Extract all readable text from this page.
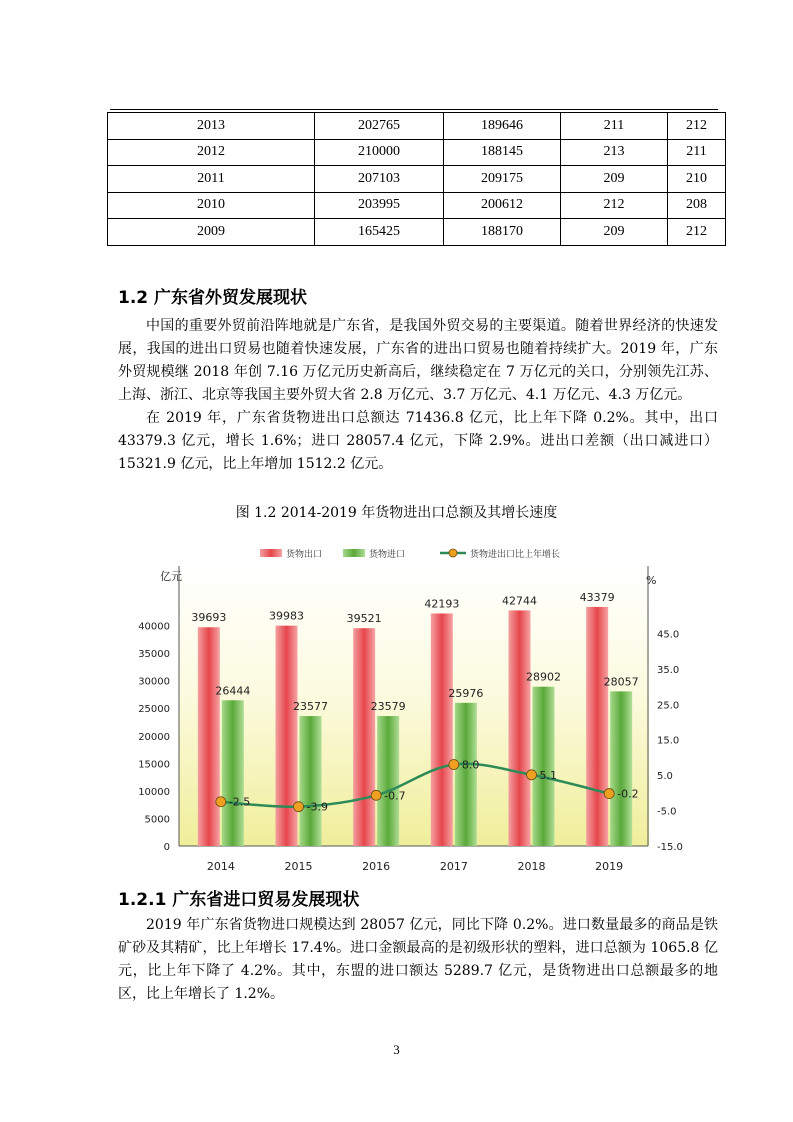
2013	202765	189646	211	212
2012	210000	188145	213	211
2011	207103	209175	209	210
2010	203995	200612	212	208
2009	165425	188170	209	212
1.2 广东省外贸发展现状

中国的重要外贸前沿阵地就是广东省，是我国外贸交易的主要渠道。随着世界经济的快速发展，我国的进出口贸易也随着快速发展，广东省的进出口贸易也随着持续扩大。2019 年，广东外贸规模继 2018 年创 7.16 万亿元历史新高后，继续稳定在 7 万亿元的关口，分别领先江苏、上海、浙江、北京等我国主要外贸大省 2.8 万亿元、3.7 万亿元、4.1 万亿元、4.3 万亿元。

在 2019 年，广东省货物进出口总额达 71436.8 亿元，比上年下降 0.2%。其中，出口 43379.3 亿元，增长 1.6%；进口 28057.4 亿元，下降 2.9%。进出口差额（出口减进口）15321.9 亿元，比上年增加 1512.2 亿元。

图 1.2 2014-2019 年货物进出口总额及其增长速度
货物出口	货物进口	货物进出口比上年增长
亿元	%
0
5000
10000
15000
20000
25000
30000
35000
40000
-15.0
-5.0
5.0
15.0
25.0
35.0
45.0
39693
26444
2014
39983
23577
2015
39521
23579
2016
42193
25976
2017
42744
28902
2018
43379
28057
2019
-2.5	-3.9
-0.7
8.0
5.1
-0.2
1.2.1 广东省进口贸易发展现状

2019 年广东省货物进口规模达到 28057 亿元，同比下降 0.2%。进口数量最多的商品是铁矿砂及其精矿，比上年增长 17.4%。进口金额最高的是初级形状的塑料，进口总额为 1065.8 亿元，比上年下降了 4.2%。其中，东盟的进口额达 5289.7 亿元，是货物进出口总额最多的地区，比上年增长了 1.2%。

3
